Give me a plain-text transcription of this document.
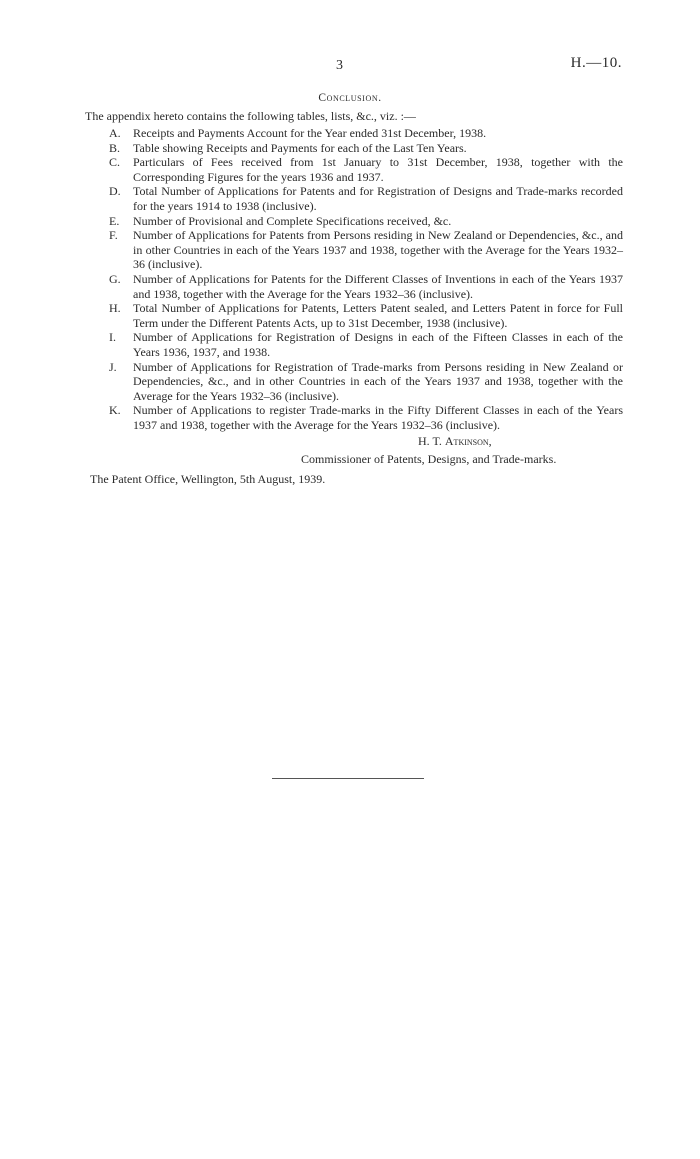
3	H.—10.
Conclusion.
The appendix hereto contains the following tables, lists, &c., viz. :—
A.	Receipts and Payments Account for the Year ended 31st December, 1938.
B.	Table showing Receipts and Payments for each of the Last Ten Years.
C.	Particulars of Fees received from 1st January to 31st December, 1938, together with the Corresponding Figures for the years 1936 and 1937.
D.	Total Number of Applications for Patents and for Registration of Designs and Trade-marks recorded for the years 1914 to 1938 (inclusive).
E.	Number of Provisional and Complete Specifications received, &c.
F.	Number of Applications for Patents from Persons residing in New Zealand or Dependencies, &c., and in other Countries in each of the Years 1937 and 1938, together with the Average for the Years 1932–36 (inclusive).
G.	Number of Applications for Patents for the Different Classes of Inventions in each of the Years 1937 and 1938, together with the Average for the Years 1932–36 (inclusive).
H.	Total Number of Applications for Patents, Letters Patent sealed, and Letters Patent in force for Full Term under the Different Patents Acts, up to 31st December, 1938 (inclusive).
I.	Number of Applications for Registration of Designs in each of the Fifteen Classes in each of the Years 1936, 1937, and 1938.
J.	Number of Applications for Registration of Trade-marks from Persons residing in New Zealand or Dependencies, &c., and in other Countries in each of the Years 1937 and 1938, together with the Average for the Years 1932–36 (inclusive).
K.	Number of Applications to register Trade-marks in the Fifty Different Classes in each of the Years 1937 and 1938, together with the Average for the Years 1932–36 (inclusive).
H. T. Atkinson,
Commissioner of Patents, Designs, and Trade-marks.
The Patent Office, Wellington, 5th August, 1939.
